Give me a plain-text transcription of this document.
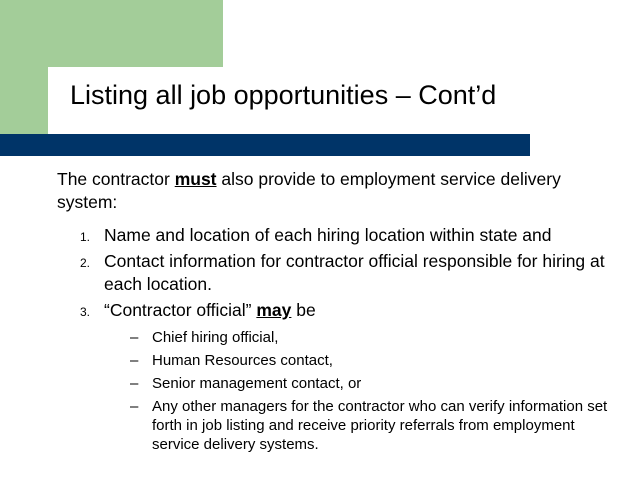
Listing all job opportunities – Cont’d

The contractor must also provide to employment service delivery system:

1. Name and location of each hiring location within state and
2. Contact information for contractor official responsible for hiring at each location.
3. “Contractor official” may be
– Chief hiring official,
– Human Resources contact,
– Senior management contact, or
– Any other managers for the contractor who can verify information set forth in job listing and receive priority referrals from employment service delivery systems.
